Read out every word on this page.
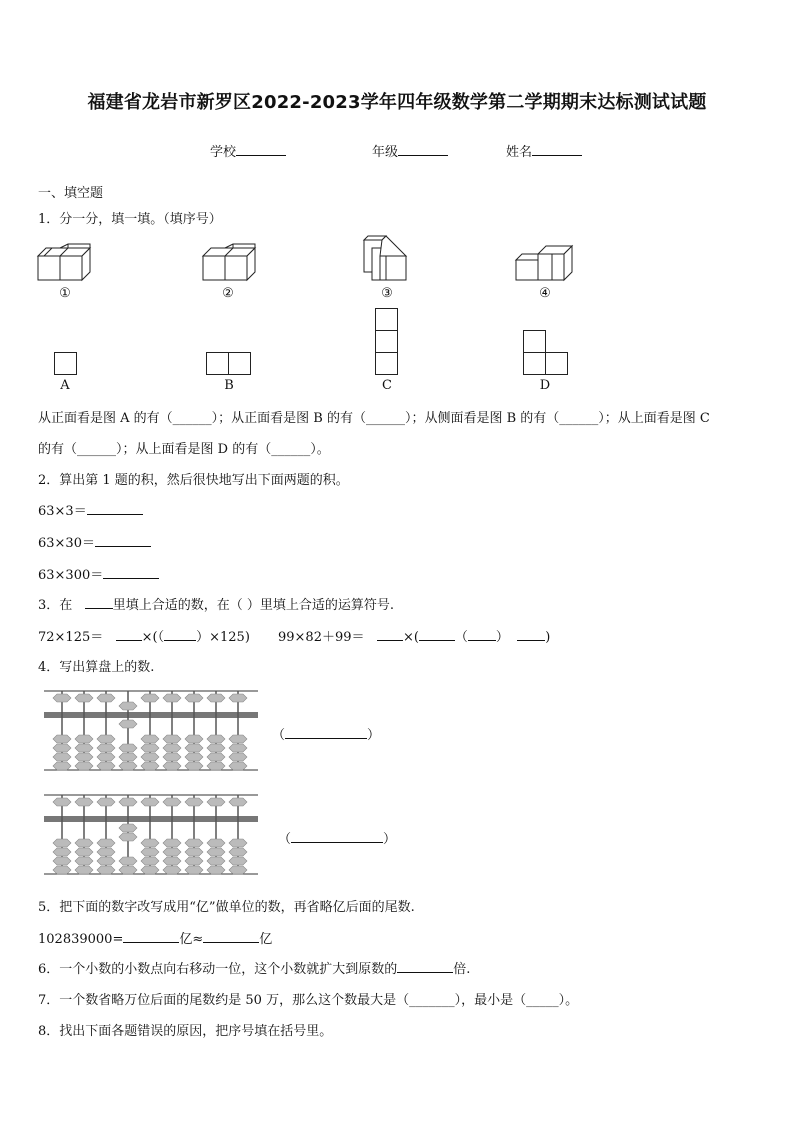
福建省龙岩市新罗区2022-2023学年四年级数学第二学期期末达标测试试题
学校	年级	姓名
一、填空题
1．分一分，填一填。（填序号）
①	②	③	④
A	B	C	D
从正面看是图 A 的有（______）；从正面看是图 B 的有（______）；从侧面看是图 B 的有（______）；从上面看是图 C
的有（______）；从上面看是图 D 的有（______）。
2．算出第 1 题的积，然后很快地写出下面两题的积。
63×3＝
63×30＝
63×300＝
3．在	里填上合适的数，在（ ）里填上合适的运算符号.
72×125＝	×(（ ）×125) 99×82＋99＝	×(	（ ）	)
4．写出算盘上的数.
（	）
（	）
5．把下面的数字改写成用“亿”做单位的数，再省略亿后面的尾数.
102839000=	亿≈	亿
6．一个小数的小数点向右移动一位，这个小数就扩大到原数的	倍.
7．一个数省略万位后面的尾数约是 50 万，那么这个数最大是（_______），最小是（_____）。
8．找出下面各题错误的原因，把序号填在括号里。
